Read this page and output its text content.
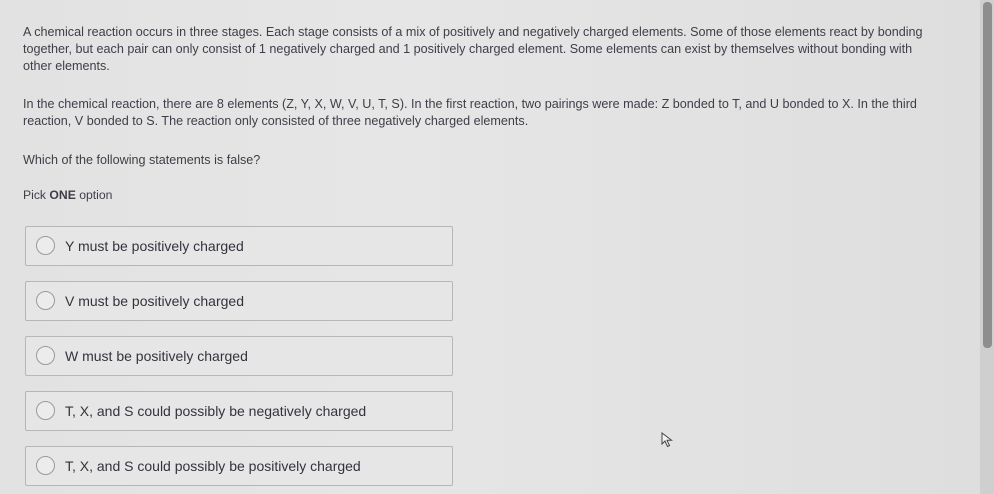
A chemical reaction occurs in three stages. Each stage consists of a mix of positively and negatively charged elements. Some of those elements react by bonding together, but each pair can only consist of 1 negatively charged and 1 positively charged element. Some elements can exist by themselves without bonding with other elements.

In the chemical reaction, there are 8 elements (Z, Y, X, W, V, U, T, S). In the first reaction, two pairings were made: Z bonded to T, and U bonded to X. In the third reaction, V bonded to S. The reaction only consisted of three negatively charged elements.

Which of the following statements is false?

Pick ONE option
Y must be positively charged
V must be positively charged
W must be positively charged
T, X, and S could possibly be negatively charged
T, X, and S could possibly be positively charged
